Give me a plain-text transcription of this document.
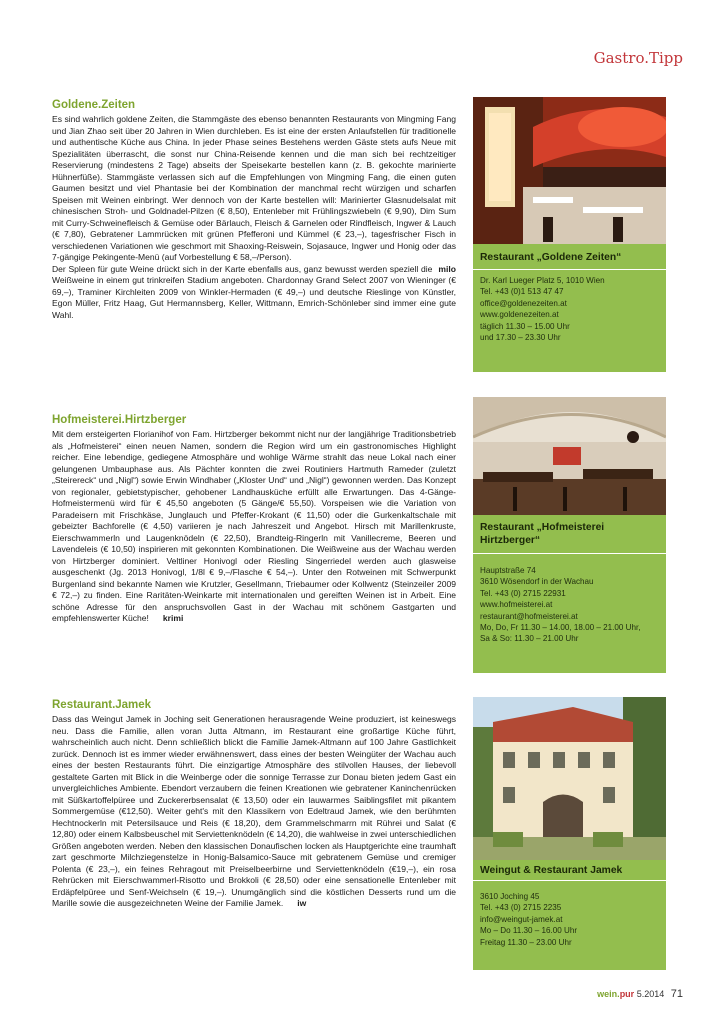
Gastro.Tipp
Goldene.Zeiten

Es sind wahrlich goldene Zeiten, die Stammgäste des ebenso benannten Restaurants von Mingming Fang und Jian Zhao seit über 20 Jahren in Wien durchleben. Es ist eine der ersten Anlaufstellen für traditionelle und authentische Küche aus China. In jeder Phase seines Bestehens werden Gäste stets aufs Neue mit Spezialitäten überrascht, die sonst nur China-Reisende kennen und die man sich bei rechtzeitiger Reservierung (mindestens 2 Tage) abseits der Speisekarte bestellen kann (z. B. gekochte marinierte Hühnerfüße). Stammgäste verlassen sich auf die Empfehlungen von Mingming Fang, die einen guten Gaumen besitzt und viel Phantasie bei der Kombination der manchmal recht würzigen und scharfen Speisen mit Weinen einbringt. Wer dennoch von der Karte bestellen will: Marinierter Glasnudelsalat mit chinesischen Stroh- und Goldnadel-Pilzen (€ 8,50), Entenleber mit Frühlingszwiebeln (€ 9,90), Dim Sum mit Curry-Schweinefleisch & Gemüse oder Bärlauch, Fleisch & Garnelen oder Rindfleisch, Ingwer & Lauch (€ 7,80), Gebratener Lammrücken mit grünen Pfefferoni und Kümmel (€ 23,–), tagesfrischer Fisch in verschiedenen Variationen wie geschmort mit Shaoxing-Reiswein, Sojasauce, Ingwer und Honig oder das 7-gängige Pekingente-Menü (auf Vorbestellung € 58,–/Person).

milo
Der Spleen für gute Weine drückt sich in der Karte ebenfalls aus, ganz bewusst werden speziell die Weißweine in einem gut trinkreifen Stadium angeboten. Chardonnay Grand Select 2007 von Wieninger (€ 69,–), Traminer Kirchleiten 2009 von Winkler-Hermaden (€ 49,–) und deutsche Rieslinge von Künstler, Egon Müller, Fritz Haag, Gut Hermannsberg, Keller, Wittmann, Emrich-Schönleber sind immer eine gute Wahl.

Restaurant „Goldene Zeiten“
Dr. Karl Lueger Platz 5, 1010 Wien
Tel. +43 (0)1 513 47 47
office@goldenezeiten.at
www.goldenezeiten.at
täglich 11.30 – 15.00 Uhr
und 17.30 – 23.30 Uhr
Hofmeisterei.Hirtzberger

Mit dem ersteigerten Florianihof von Fam. Hirtzberger bekommt nicht nur der langjährige Traditionsbetrieb als „Hofmeisterei“ einen neuen Namen, sondern die Region wird um ein gastronomisches Highlight reicher. Eine lebendige, gediegene Atmosphäre und wohlige Wärme strahlt das neue Lokal nach einer gelungenen Umbauphase aus. Als Pächter konnten die zwei Routiniers Hartmuth Rameder (zuletzt „Steirereck“ und „Nigl“) sowie Erwin Windhaber („Kloster Und“ und „Nigl“) gewonnen werden. Das Konzept von regionaler, gebietstypischer, gehobener Landhausküche erfüllt alle Erwartungen. Das 4-Gänge-Hofmeistermenü wird für € 45,50 angeboten (5 Gänge/€ 55,50). Vorspeisen wie die Variation von Paradeisern mit Frischkäse, Junglauch und Pfeffer-Krokant (€ 11,50) oder die Gurkenkaltschale mit gebeizter Bachforelle (€ 4,50) variieren je nach Jahreszeit und Angebot. Hirsch mit Marillenkruste, Eierschwammerln und Laugenknödeln (€ 22,50), Brandteig-Ringerln mit Vanillecreme, Beeren und Lavendeleis (€ 10,50) inspirieren mit gekonnten Kombinationen. Die Weißweine aus der Wachau werden von Hirtzberger dominiert. Veltliner Honivogl oder Riesling Singerriedel werden auch glasweise ausgeschenkt (Jg. 2013 Honivogl, 1/8l € 9,–/Flasche € 54,–). Unter den Rotweinen mit Schwerpunkt Burgenland sind bekannte Namen wie Krutzler, Gesellmann, Triebaumer oder Kollwentz (Steinzeiler 2009 € 72,–) zu finden. Eine Raritäten-Weinkarte mit internationalen und gereiften Weinen ist in Arbeit. Eine schöne Adresse für den anspruchsvollen Gast in der Wachau mit schönem Gastgarten und empfehlenswerter Küche! krimi

Restaurant „Hofmeisterei Hirtzberger“
Hauptstraße 74
3610 Wösendorf in der Wachau
Tel. +43 (0) 2715 22931
www.hofmeisterei.at
restaurant@hofmeisterei.at
Mo, Do, Fr 11.30 – 14.00, 18.00 – 21.00 Uhr,
Sa & So: 11.30 – 21.00 Uhr
Restaurant.Jamek

Dass das Weingut Jamek in Joching seit Generationen herausragende Weine produziert, ist keineswegs neu. Dass die Familie, allen voran Jutta Altmann, im Restaurant eine großartige Küche führt, wahrscheinlich auch nicht. Denn schließlich blickt die Familie Jamek-Altmann auf 100 Jahre Gastlichkeit zurück. Dennoch ist es immer wieder erwähnenswert, dass eines der besten Weingüter der Wachau auch eines der besten Restaurants führt. Die einzigartige Atmosphäre des stilvollen Hauses, der liebevoll gestaltete Garten mit Blick in die Weinberge oder die sonnige Terrasse zur Donau bieten jedem Gast ein unvergleichliches Ambiente. Ebendort verzaubern die feinen Kreationen wie gebratener Kaninchenrücken mit Süßkartoffelpüree und Zuckererbsensalat (€ 13,50) oder ein lauwarmes Saiblingsfilet mit pikantem Sommergemüse (€12,50). Weiter geht's mit den Klassikern von Edeltraud Jamek, wie den berühmten Hechtnockerln mit Petersilsauce und Reis (€ 18,20), dem Grammelschmarrn mit Rührei und Salat (€ 12,80) oder einem Kalbsbeuschel mit Serviettenknödeln (€ 14,20), die wahlweise in zwei unterschiedlichen Größen angeboten werden. Neben den klassischen Donaufischen locken als Hauptgerichte eine traumhaft zart geschmorte Milchziegenstelze in Honig-Balsamico-Sauce mit gebratenem Gemüse und cremiger Polenta (€ 23,–), ein feines Rehragout mit Preiselbeerbirne und Serviettenknödeln (€19,–), ein rosa Rehrücken mit Eierschwammerl-Risotto und Brokkoli (€ 28,50) oder eine sensationelle Entenleber mit Erdäpfelpüree und Senf-Weichseln (€ 19,–). Unumgänglich sind die köstlichen Desserts rund um die Marille sowie die ausgezeichneten Weine der Familie Jamek. iw

Weingut & Restaurant Jamek
3610 Joching 45
Tel. +43 (0) 2715 2235
info@weingut-jamek.at
Mo – Do 11.30 – 16.00 Uhr
Freitag 11.30 – 23.00 Uhr
wein.pur 5.2014 71
